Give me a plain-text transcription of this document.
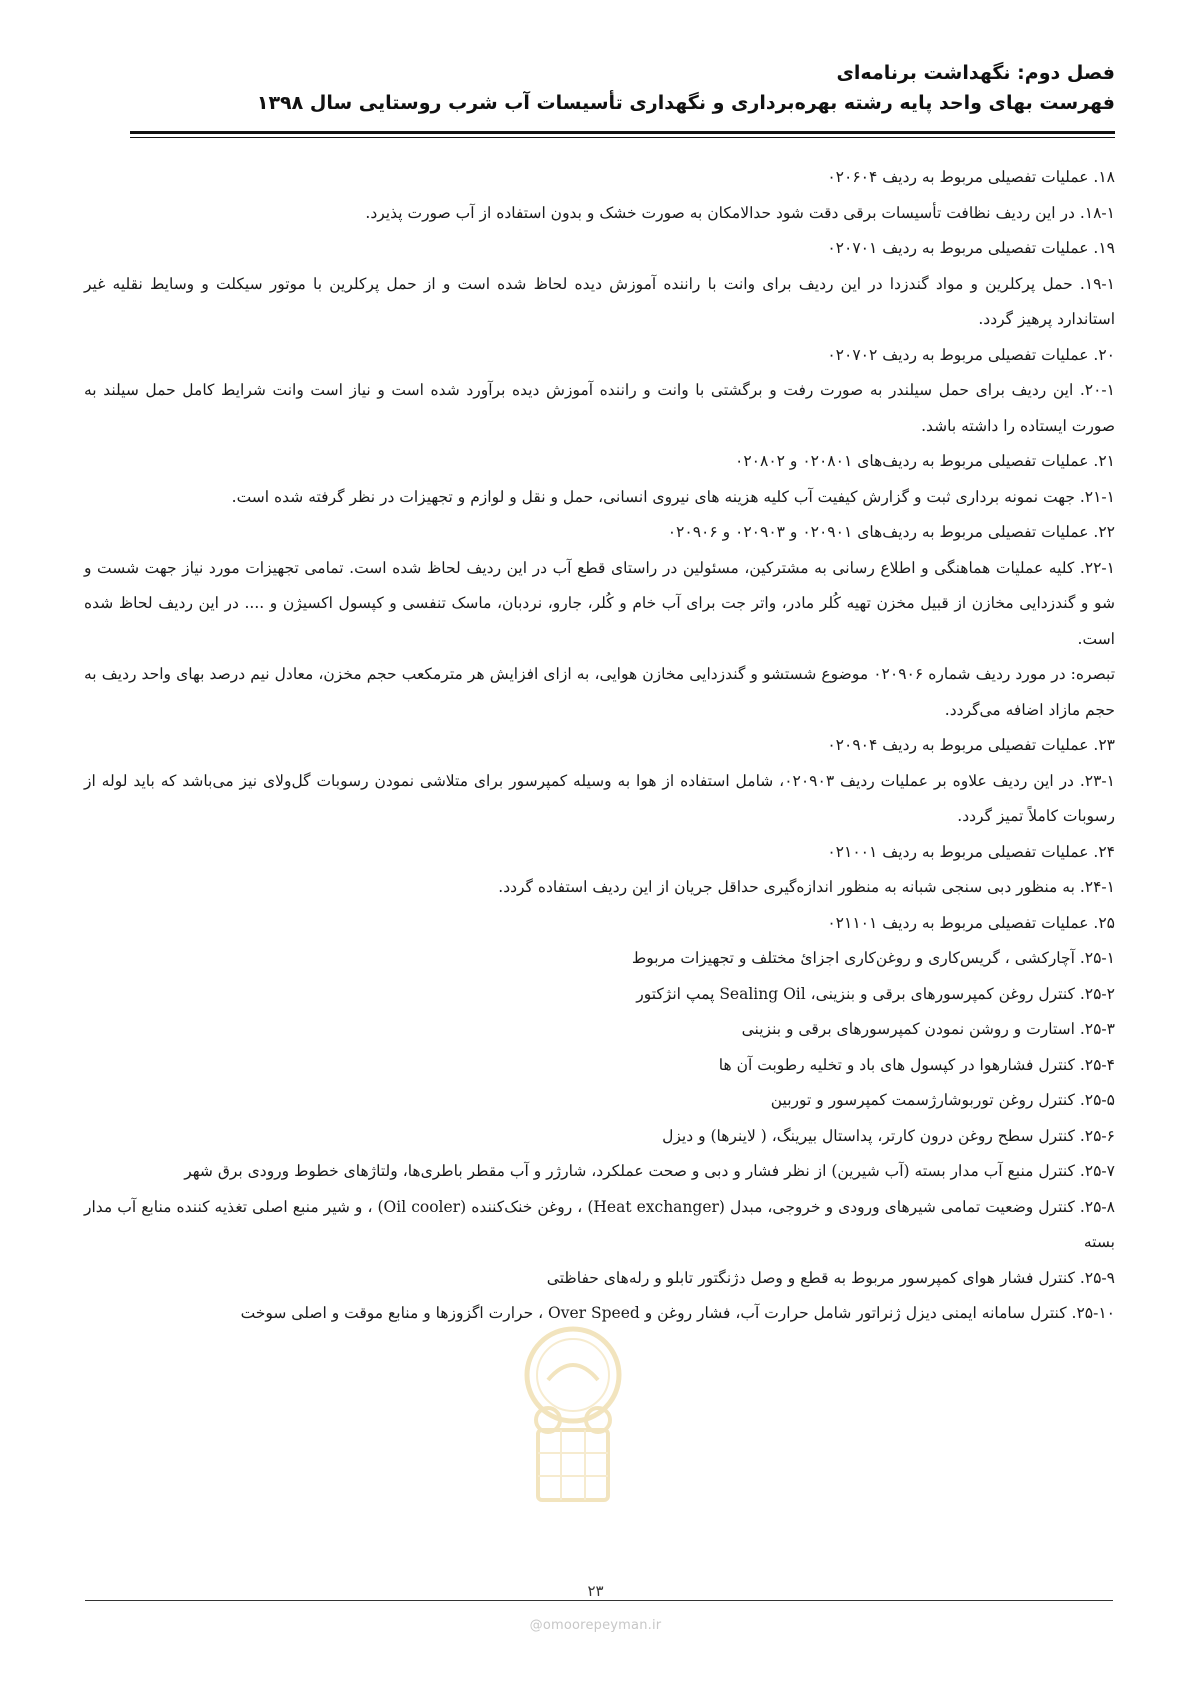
فصل دوم: نگهداشت برنامه‌ای
فهرست بهای واحد پایه رشته بهره‌برداری و نگهداری تأسیسات آب شرب روستایی سال ۱۳۹۸

۱۸. عملیات تفصیلی مربوط به ردیف ۰۲۰۶۰۴

۱۸-۱. در این ردیف نظافت تأسیسات برقی دقت شود حدالامکان به صورت خشک و بدون استفاده از آب صورت پذیرد.

۱۹. عملیات تفصیلی مربوط به ردیف ۰۲۰۷۰۱

۱۹-۱. حمل پرکلرین و مواد گندزدا در این ردیف برای وانت با راننده آموزش دیده لحاظ شده است و از حمل پرکلرین با موتور سیکلت و وسایط نقلیه غیر استاندارد پرهیز گردد.

۲۰. عملیات تفصیلی مربوط به ردیف ۰۲۰۷۰۲

۲۰-۱. این ردیف برای حمل سیلندر به صورت رفت و برگشتی با وانت و راننده آموزش دیده برآورد شده است و نیاز است وانت شرایط کامل حمل سیلند به صورت ایستاده را داشته باشد.

۲۱. عملیات تفصیلی مربوط به ردیف‌های ۰۲۰۸۰۱ و ۰۲۰۸۰۲

۲۱-۱. جهت نمونه برداری ثبت و گزارش کیفیت آب کلیه هزینه های نیروی انسانی، حمل و نقل و لوازم و تجهیزات در نظر گرفته شده است.

۲۲. عملیات تفصیلی مربوط به ردیف‌های ۰۲۰۹۰۱ و ۰۲۰۹۰۳ و ۰۲۰۹۰۶

۲۲-۱. کلیه عملیات هماهنگی و اطلاع رسانی به مشترکین، مسئولین در راستای قطع آب در این ردیف لحاظ شده است. تمامی تجهیزات مورد نیاز جهت شست و شو و گندزدایی مخازن از قبیل مخزن تهیه کُلر مادر، واتر جت برای آب خام و کُلر، جارو، نردبان، ماسک تنفسی و کپسول اکسیژن و .... در این ردیف لحاظ شده است.

تبصره: در مورد ردیف شماره ۰۲۰۹۰۶ موضوع شستشو و گندزدایی مخازن هوایی، به ازای افزایش هر مترمکعب حجم مخزن، معادل نیم درصد بهای واحد ردیف به حجم مازاد اضافه می‌گردد.

۲۳. عملیات تفصیلی مربوط به ردیف ۰۲۰۹۰۴

۲۳-۱. در این ردیف علاوه بر عملیات ردیف ۰۲۰۹۰۳، شامل استفاده از هوا به وسیله کمپرسور برای متلاشی نمودن رسوبات گل‌ولای نیز می‌باشد که باید لوله از رسوبات کاملاً تمیز گردد.

۲۴. عملیات تفصیلی مربوط به ردیف ۰۲۱۰۰۱

۲۴-۱. به منظور دبی سنجی شبانه به منظور اندازه‌گیری حداقل جریان از این ردیف استفاده گردد.

۲۵. عملیات تفصیلی مربوط به ردیف ۰۲۱۱۰۱

۲۵-۱. آچارکشی ، گریس‌کاری و روغن‌کاری اجزائ مختلف و تجهیزات مربوط

۲۵-۲. کنترل روغن کمپرسورهای برقی و بنزینی، Sealing Oil پمپ انژکتور

۲۵-۳. استارت و روشن نمودن کمپرسورهای برقی و بنزینی

۲۵-۴. کنترل فشارهوا در کپسول های باد و تخلیه رطوبت آن ها

۲۵-۵. کنترل روغن توربوشارژسمت کمپرسور و توربین

۲۵-۶. کنترل سطح روغن درون کارتر، پداستال بیرینگ، ( لاینرها) و دیزل

۲۵-۷. کنترل منبع آب مدار بسته (آب شیرین) از نظر فشار و دبی و صحت عملکرد، شارژر و آب مقطر باطری‌ها، ولتاژهای خطوط ورودی برق شهر

۲۵-۸. کنترل وضعیت تمامی شیرهای ورودی و خروجی، مبدل (Heat exchanger) ، روغن خنک‌کننده (Oil cooler) ، و شیر منبع اصلی تغذیه کننده منابع آب مدار بسته

۲۵-۹. کنترل فشار هوای کمپرسور مربوط به قطع و وصل دژنگتور تابلو و رله‌های حفاظتی

۲۵-۱۰. کنترل سامانه ایمنی دیزل ژنراتور شامل حرارت آب، فشار روغن و Over Speed ، حرارت اگزوزها و منابع موقت و اصلی سوخت

۲۳
@omoorepeyman.ir
